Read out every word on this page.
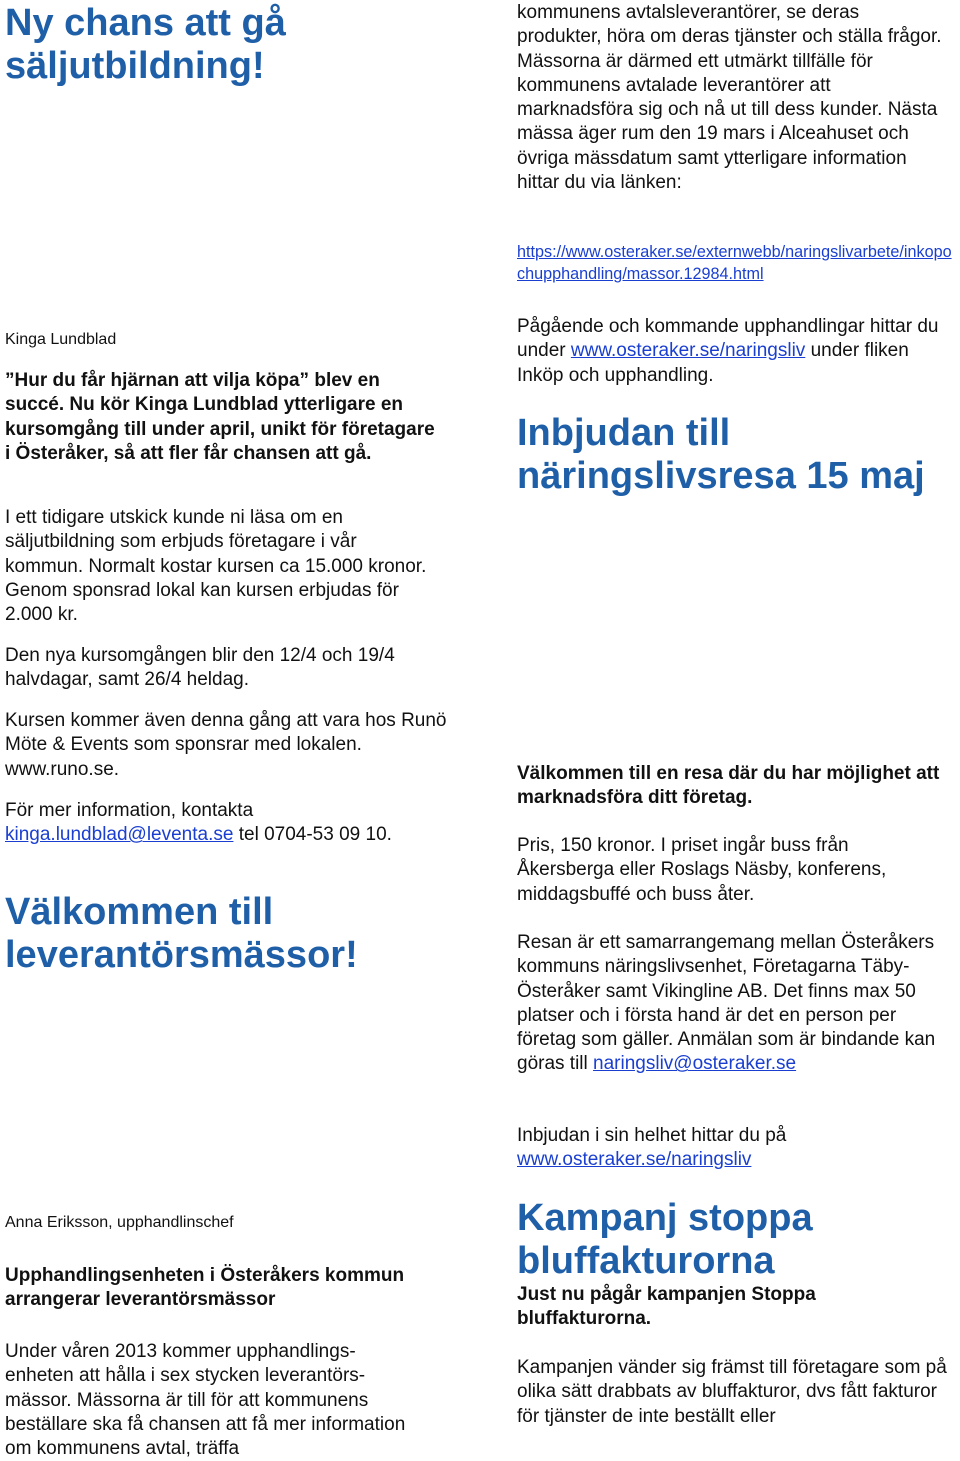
Ny chans att gå säljutbildning!

Kinga Lundblad

”Hur du får hjärnan att vilja köpa” blev en succé. Nu kör Kinga Lundblad ytterligare en kursomgång till under april, unikt för företagare i Österåker, så att fler får chansen att gå.

I ett tidigare utskick kunde ni läsa om en säljutbildning som erbjuds företagare i vår kommun. Normalt kostar kursen ca 15.000 kronor. Genom sponsrad lokal kan kursen erbjudas för 2.000 kr.

Den nya kursomgången blir den 12/4 och 19/4 halvdagar, samt 26/4 heldag.

Kursen kommer även denna gång att vara hos Runö Möte & Events som sponsrar med lokalen. www.runo.se.

För mer information, kontakta
kinga.lundblad@leventa.se tel 0704-53 09 10.

Välkommen till leverantörsmässor!

Anna Eriksson, upphandlinschef

Upphandlingsenheten i Österåkers kommun arrangerar leverantörsmässor

Under våren 2013 kommer upphandlings-enheten att hålla i sex stycken leverantörs-mässor. Mässorna är till för att kommunens beställare ska få chansen att få mer information om kommunens avtal, träffa

kommunens avtalsleverantörer, se deras produkter, höra om deras tjänster och ställa frågor. Mässorna är därmed ett utmärkt tillfälle för kommunens avtalade leverantörer att marknadsföra sig och nå ut till dess kunder. Nästa mässa äger rum den 19 mars i Alceahuset och övriga mässdatum samt ytterligare information hittar du via länken:

https://www.osteraker.se/externwebb/naringslivarbete/inkopochupphandling/massor.12984.html

Pågående och kommande upphandlingar hittar du under www.osteraker.se/naringsliv under fliken Inköp och upphandling.

Inbjudan till näringslivsresa 15 maj

Välkommen till en resa där du har möjlighet att marknadsföra ditt företag.

Pris, 150 kronor. I priset ingår buss från Åkersberga eller Roslags Näsby, konferens, middagsbuffé och buss åter.

Resan är ett samarrangemang mellan Österåkers kommuns näringslivsenhet, Företagarna Täby-Österåker samt Vikingline AB. Det finns max 50 platser och i första hand är det en person per företag som gäller. Anmälan som är bindande kan göras till naringsliv@osteraker.se

Inbjudan i sin helhet hittar du på www.osteraker.se/naringsliv

Kampanj stoppa bluffakturorna

Just nu pågår kampanjen Stoppa bluffakturorna.

Kampanjen vänder sig främst till företagare som på olika sätt drabbats av bluffakturor, dvs fått fakturor för tjänster de inte beställt eller
